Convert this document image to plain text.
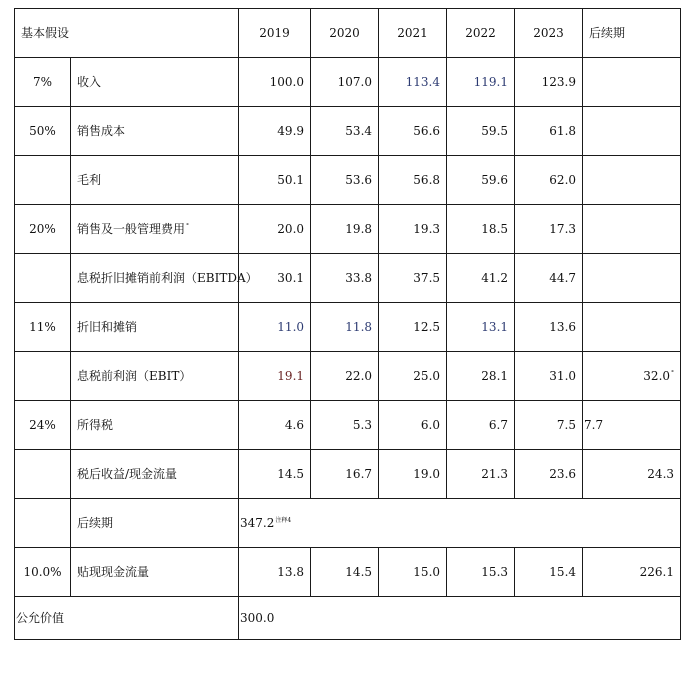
基本假设		2019	2020	2021	2022	2023	后续期
7%	收入	100.0	107.0	113.4	119.1	123.9	
50%	销售成本	49.9	53.4	56.6	59.5	61.8	
	毛利	50.1	53.6	56.8	59.6	62.0	
20%	销售及一般管理费用°	20.0	19.8	19.3	18.5	17.3	
	息税折旧摊销前利润（EBITDA）	30.1	33.8	37.5	41.2	44.7	
11%	折旧和摊销	11.0	11.8	12.5	13.1	13.6	
	息税前利润（EBIT）	19.1	22.0	25.0	28.1	31.0	32.0°
24%	所得税	4.6	5.3	6.0	6.7	7.5	7.7
	税后收益/现金流量	14.5	16.7	19.0	21.3	23.6	24.3
	后续期	347.2$^{注释4}$
10.0%	贴现现金流量	13.8	14.5	15.0	15.3	15.4	226.1
公允价值		300.0					
